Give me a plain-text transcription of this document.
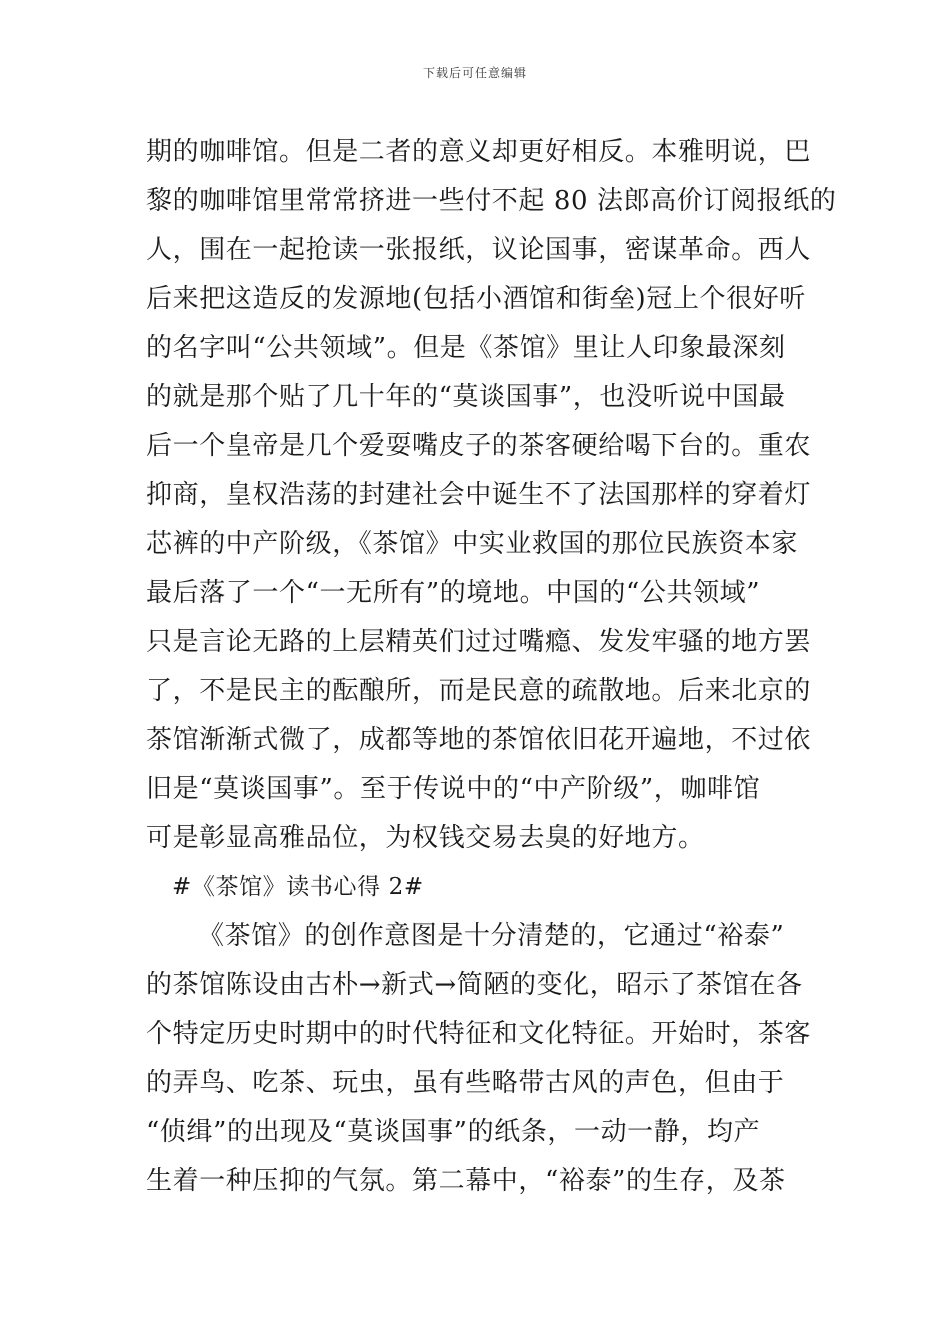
下载后可任意编辑
期的咖啡馆。但是二者的意义却更好相反。本雅明说，巴
黎的咖啡馆里常常挤进一些付不起 80 法郎高价订阅报纸的
人，围在一起抢读一张报纸，议论国事，密谋革命。西人
后来把这造反的发源地(包括小酒馆和街垒)冠上个很好听
的名字叫“公共领域”。但是《茶馆》里让人印象最深刻
的就是那个贴了几十年的“莫谈国事”，也没听说中国最
后一个皇帝是几个爱耍嘴皮子的茶客硬给喝下台的。重农
抑商，皇权浩荡的封建社会中诞生不了法国那样的穿着灯
芯裤的中产阶级，《茶馆》中实业救国的那位民族资本家
最后落了一个“一无所有”的境地。中国的“公共领域”
只是言论无路的上层精英们过过嘴瘾、发发牢骚的地方罢
了，不是民主的酝酿所，而是民意的疏散地。后来北京的
茶馆渐渐式微了，成都等地的茶馆依旧花开遍地，不过依
旧是“莫谈国事”。至于传说中的“中产阶级”，咖啡馆
可是彰显高雅品位，为权钱交易去臭的好地方。
#《茶馆》读书心得 2#
《茶馆》的创作意图是十分清楚的，它通过“裕泰”
的茶馆陈设由古朴→新式→简陋的变化，昭示了茶馆在各
个特定历史时期中的时代特征和文化特征。开始时，茶客
的弄鸟、吃茶、玩虫，虽有些略带古风的声色，但由于
“侦缉”的出现及“莫谈国事”的纸条，一动一静，均产
生着一种压抑的气氛。第二幕中，“裕泰”的生存，及茶
